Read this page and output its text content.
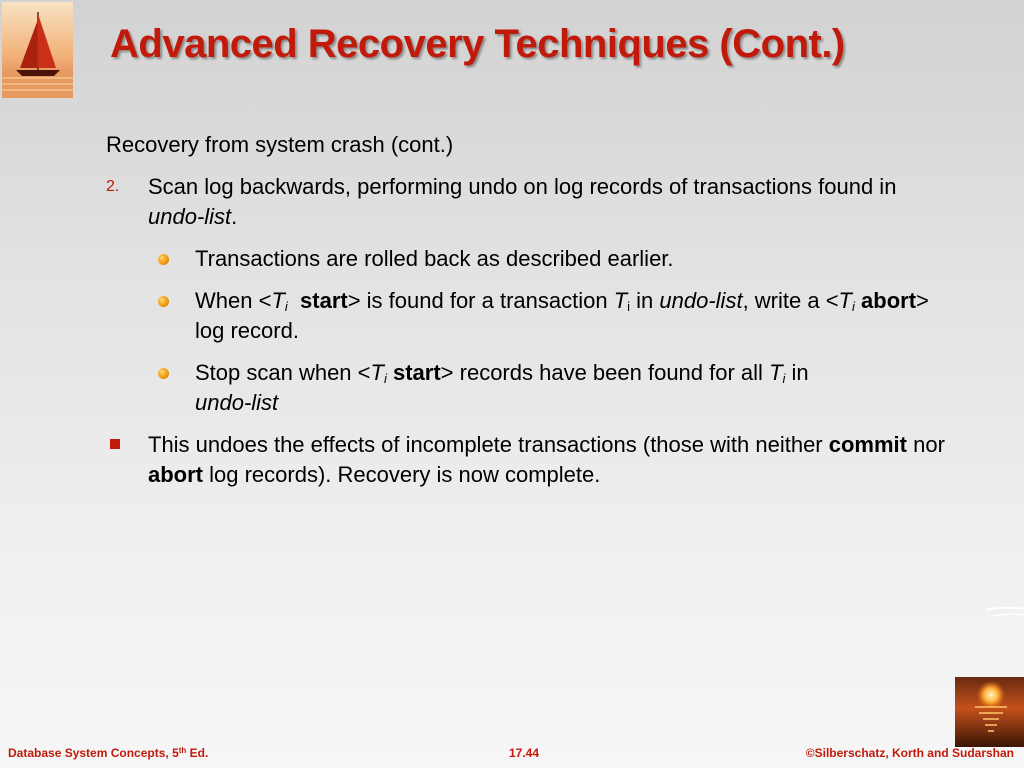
Advanced Recovery Techniques (Cont.)
Recovery from system crash (cont.)
2. Scan log backwards, performing undo on log records of transactions found in undo-list.
Transactions are rolled back as described earlier.
When $<T_i$ start> is found for a transaction $T_i$ in undo-list, write $a <T_i$ abort> log record.
Stop scan when $<T_i$ start> records have been found for all $T_i$ in
undo-list
This undoes the effects of incomplete transactions (those with neither commit nor abort log records). Recovery is now complete.
Database System Concepts, 5th Ed.	17.44	©Silberschatz, Korth and Sudarshan
